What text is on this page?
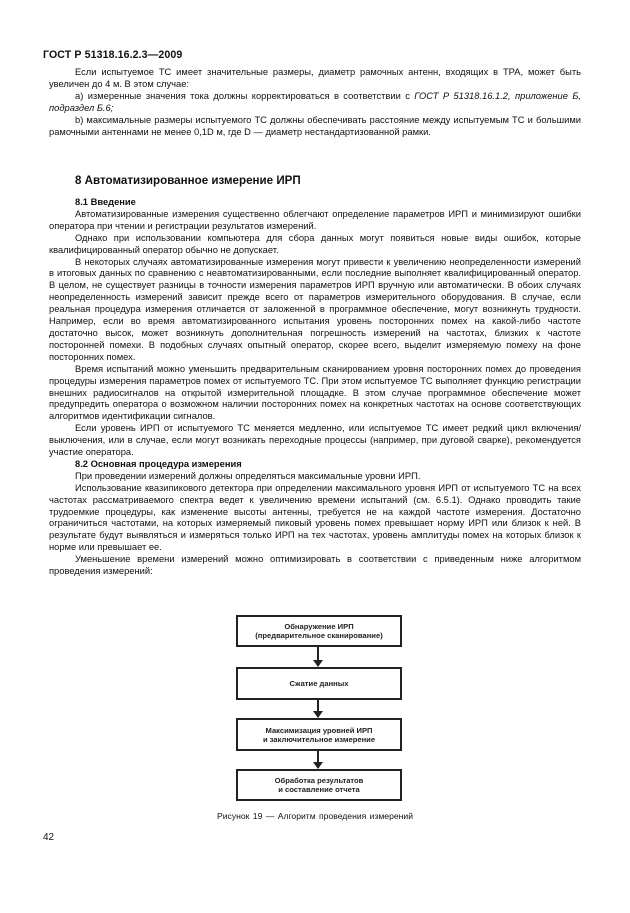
ГОСТ Р 51318.16.2.3—2009

Если испытуемое ТС имеет значительные размеры, диаметр рамочных антенн, входящих в ТРА, может быть увеличен до 4 м. В этом случае:

а) измеренные значения тока должны корректироваться в соответствии с ГОСТ Р 51318.16.1.2, приложение Б, подраздел Б.6;

b) максимальные размеры испытуемого ТС должны обеспечивать расстояние между испытуемым ТС и большими рамочными антеннами не менее 0,1D м, где D — диаметр нестандартизованной рамки.

8 Автоматизированное измерение ИРП

8.1 Введение

Автоматизированные измерения существенно облегчают определение параметров ИРП и минимизируют ошибки оператора при чтении и регистрации результатов измерений.

Однако при использовании компьютера для сбора данных могут появиться новые виды ошибок, которые квалифицированный оператор обычно не допускает.

В некоторых случаях автоматизированные измерения могут привести к увеличению неопределенности измерений в итоговых данных по сравнению с неавтоматизированными, если последние выполняет квалифицированный оператор. В целом, не существует разницы в точности измерения параметров ИРП вручную или автоматически. В обоих случаях неопределенность измерений зависит прежде всего от параметров измерительного оборудования. В случае, если реальная процедура измерения отличается от заложенной в программное обеспечение, могут возникнуть трудности. Например, если во время автоматизированного испытания уровень посторонних помех на какой-либо частоте достаточно высок, может возникнуть дополнительная погрешность измерений на частотах, близких к частоте посторонней помехи. В подобных случаях опытный оператор, скорее всего, выделит измеряемую помеху на фоне посторонних помех.

Время испытаний можно уменьшить предварительным сканированием уровня посторонних помех до проведения процедуры измерения параметров помех от испытуемого ТС. При этом испытуемое ТС выполняет функцию регистрации внешних радиосигналов на открытой измерительной площадке. В этом случае программное обеспечение может предупредить оператора о возможном наличии посторонних помех на конкретных частотах на основе соответствующих алгоритмов идентификации сигналов.

Если уровень ИРП от испытуемого ТС меняется медленно, или испытуемое ТС имеет редкий цикл включения/выключения, или в случае, если могут возникать переходные процессы (например, при дуговой сварке), рекомендуется участие оператора.

8.2 Основная процедура измерения

При проведении измерений должны определяться максимальные уровни ИРП.

Использование квазипикового детектора при определении максимального уровня ИРП от испытуемого ТС на всех частотах рассматриваемого спектра ведет к увеличению времени испытаний (см. 6.5.1). Однако проводить такие трудоемкие процедуры, как изменение высоты антенны, требуется не на каждой частоте измерения. Достаточно ограничиться частотами, на которых измеряемый пиковый уровень помех превышает норму ИРП или близок к ней. В результате будут выявляться и измеряться только ИРП на тех частотах, уровень амплитуды помех на которых близок к норме или превышает ее.

Уменьшение времени измерений можно оптимизировать в соответствии с приведенным ниже алгоритмом проведения измерений:

Обнаружение ИРП
(предварительное сканирование)
Сжатие данных
Максимизация уровней ИРП
и заключительное измерение
Обработка результатов
и составление отчета
Рисунок 19 — Алгоритм проведения измерений
42
